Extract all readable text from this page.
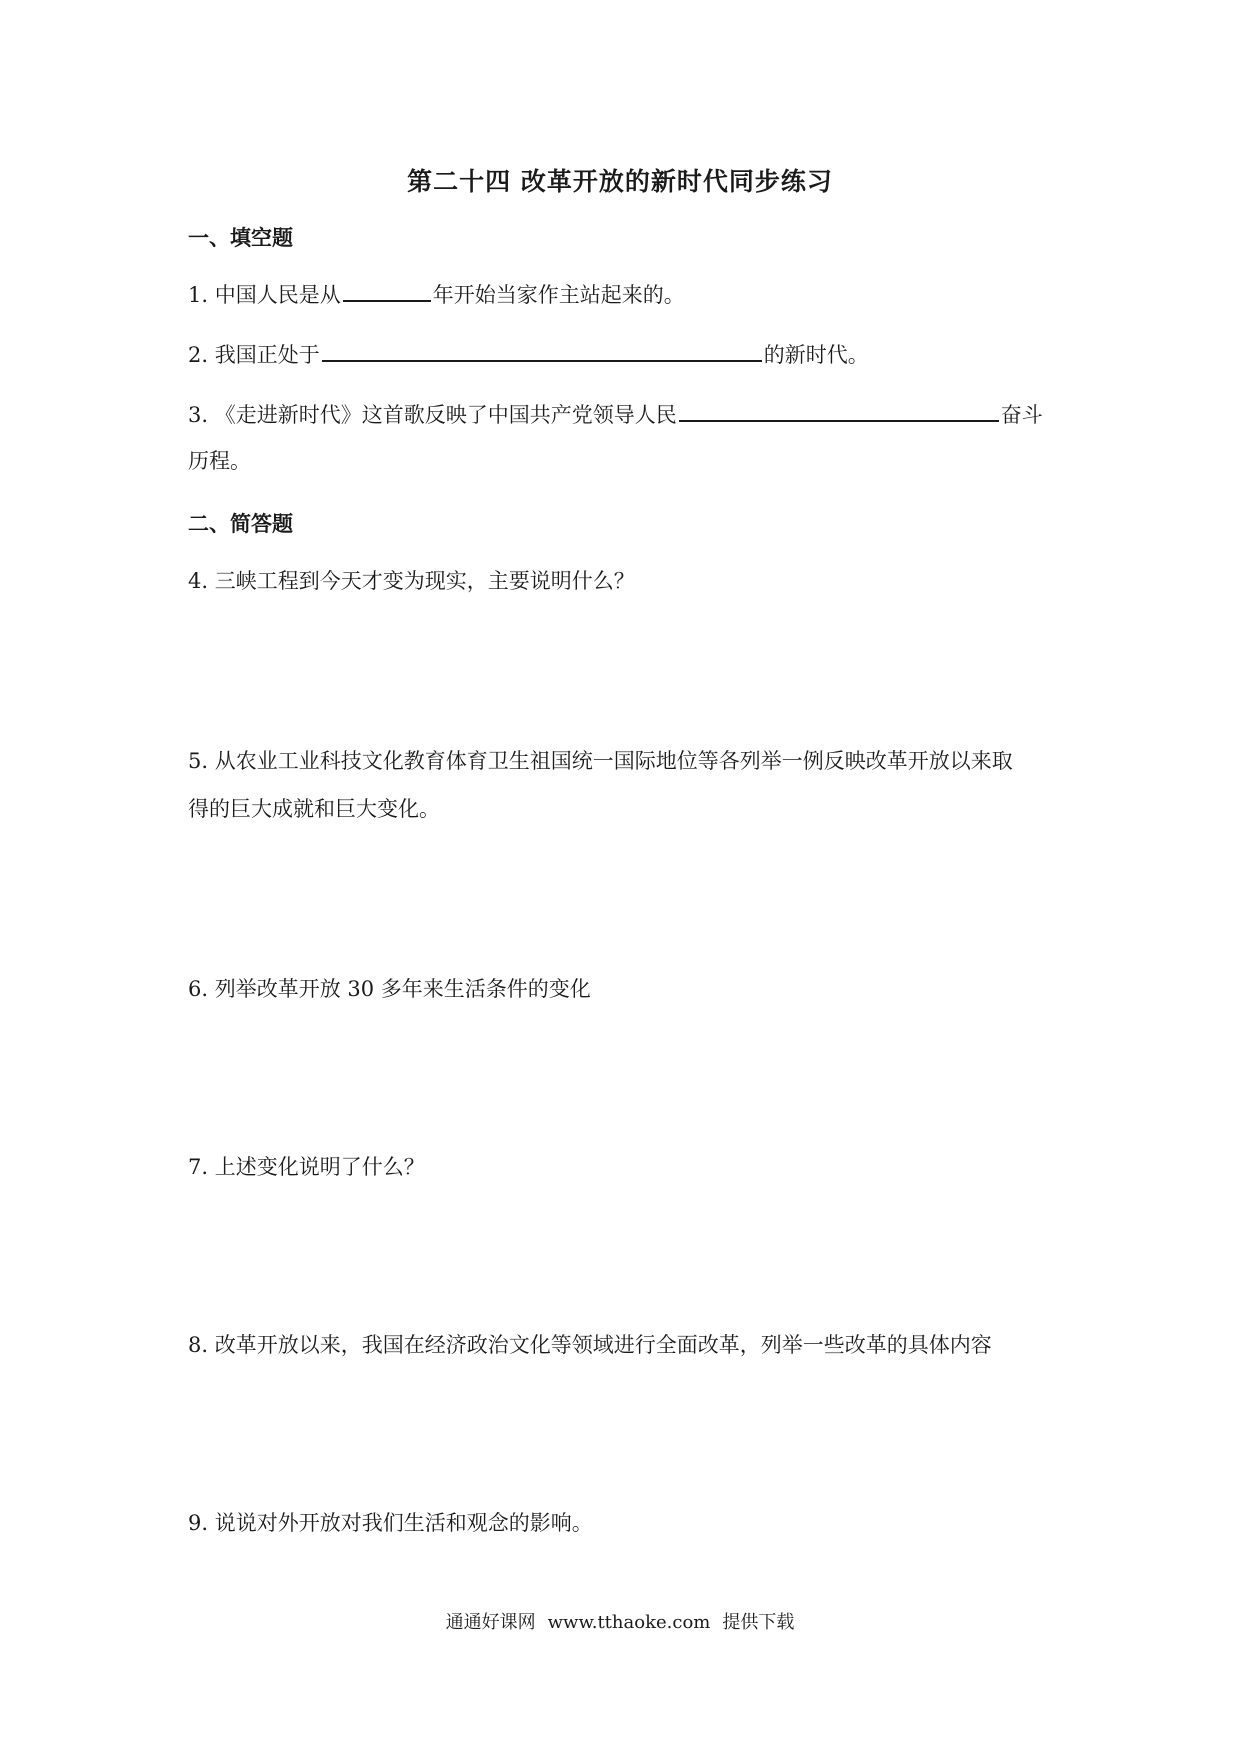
第二十四 改革开放的新时代同步练习
一、填空题
1. 中国人民是从	年开始当家作主站起来的。
2. 我国正处于	的新时代。
3. 《走进新时代》这首歌反映了中国共产党领导人民	奋斗
历程。
二、简答题
4. 三峡工程到今天才变为现实，主要说明什么？
5. 从农业工业科技文化教育体育卫生祖国统一国际地位等各列举一例反映改革开放以来取
得的巨大成就和巨大变化。
6. 列举改革开放 30 多年来生活条件的变化
7. 上述变化说明了什么？
8. 改革开放以来，我国在经济政治文化等领域进行全面改革，列举一些改革的具体内容
9. 说说对外开放对我们生活和观念的影响。
通通好课网 www.tthaoke.com 提供下载
